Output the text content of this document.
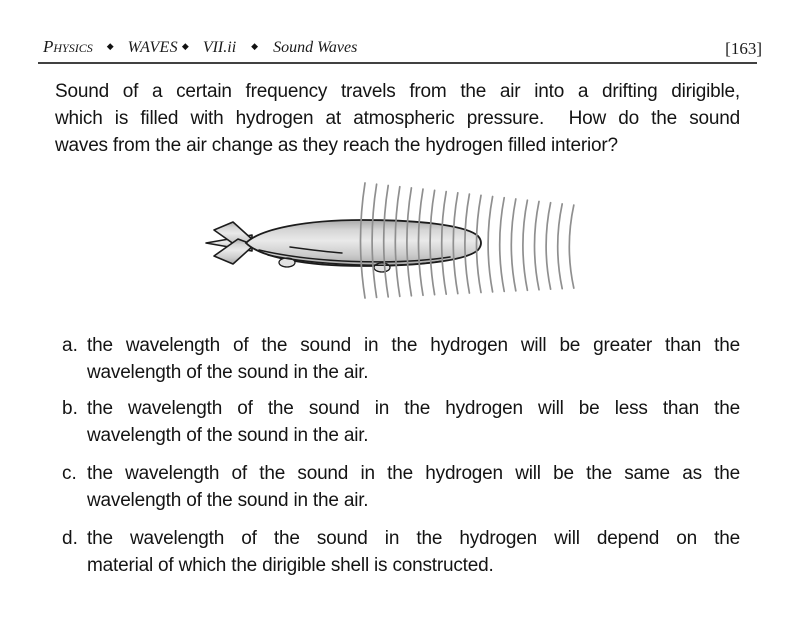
Physics ◆ WAVES ◆ VII.ii ◆ Sound Waves	[163]
Sound of a certain frequency travels from the air into a drifting dirigible,
which is filled with hydrogen at atmospheric pressure.  How do the sound
waves from the air change as they reach the hydrogen filled interior?
a. the wavelength of the sound in the hydrogen will be greater than the
wavelength of the sound in the air.
b. the wavelength of the sound in the hydrogen will be less than the
wavelength of the sound in the air.
c. the wavelength of the sound in the hydrogen will be the same as the
wavelength of the sound in the air.
d. the wavelength of the sound in the hydrogen will depend on the
material of which the dirigible shell is constructed.
